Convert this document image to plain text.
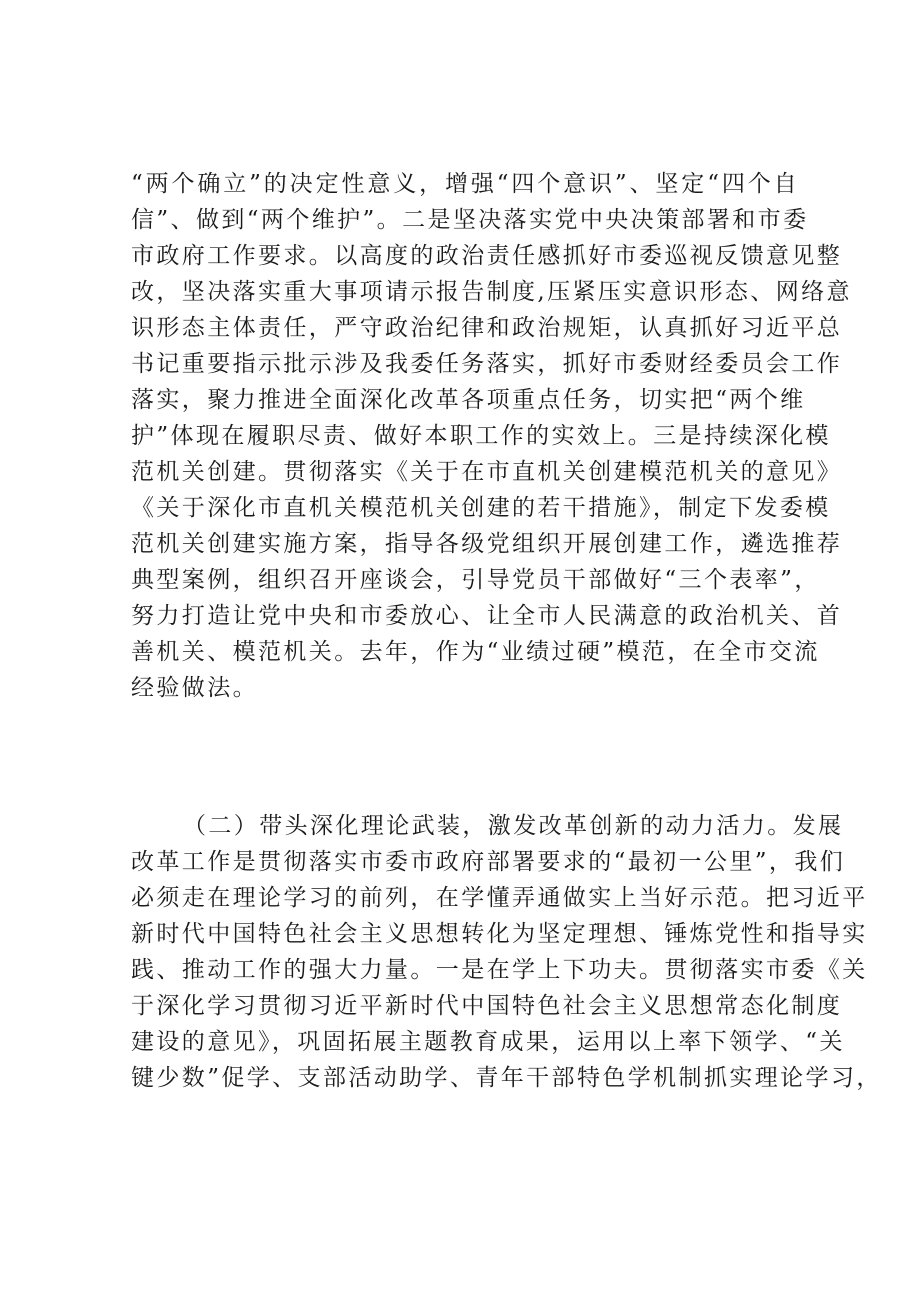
“两个确立”的决定性意义，增强“四个意识”、坚定“四个自
信”、做到“两个维护”。二是坚决落实党中央决策部署和市委
市政府工作要求。以高度的政治责任感抓好市委巡视反馈意见整
改，坚决落实重大事项请示报告制度,压紧压实意识形态、网络意
识形态主体责任，严守政治纪律和政治规矩，认真抓好习近平总
书记重要指示批示涉及我委任务落实，抓好市委财经委员会工作
落实，聚力推进全面深化改革各项重点任务，切实把“两个维
护”体现在履职尽责、做好本职工作的实效上。三是持续深化模
范机关创建。贯彻落实《关于在市直机关创建模范机关的意见》
《关于深化市直机关模范机关创建的若干措施》，制定下发委模
范机关创建实施方案，指导各级党组织开展创建工作，遴选推荐
典型案例，组织召开座谈会，引导党员干部做好“三个表率”，
努力打造让党中央和市委放心、让全市人民满意的政治机关、首
善机关、模范机关。去年，作为“业绩过硬”模范，在全市交流
经验做法。
（二）带头深化理论武装，激发改革创新的动力活力。发展
改革工作是贯彻落实市委市政府部署要求的“最初一公里”，我们
必须走在理论学习的前列，在学懂弄通做实上当好示范。把习近平
新时代中国特色社会主义思想转化为坚定理想、锤炼党性和指导实
践、推动工作的强大力量。一是在学上下功夫。贯彻落实市委《关
于深化学习贯彻习近平新时代中国特色社会主义思想常态化制度
建设的意见》，巩固拓展主题教育成果，运用以上率下领学、“关
键少数”促学、支部活动助学、青年干部特色学机制抓实理论学习，
